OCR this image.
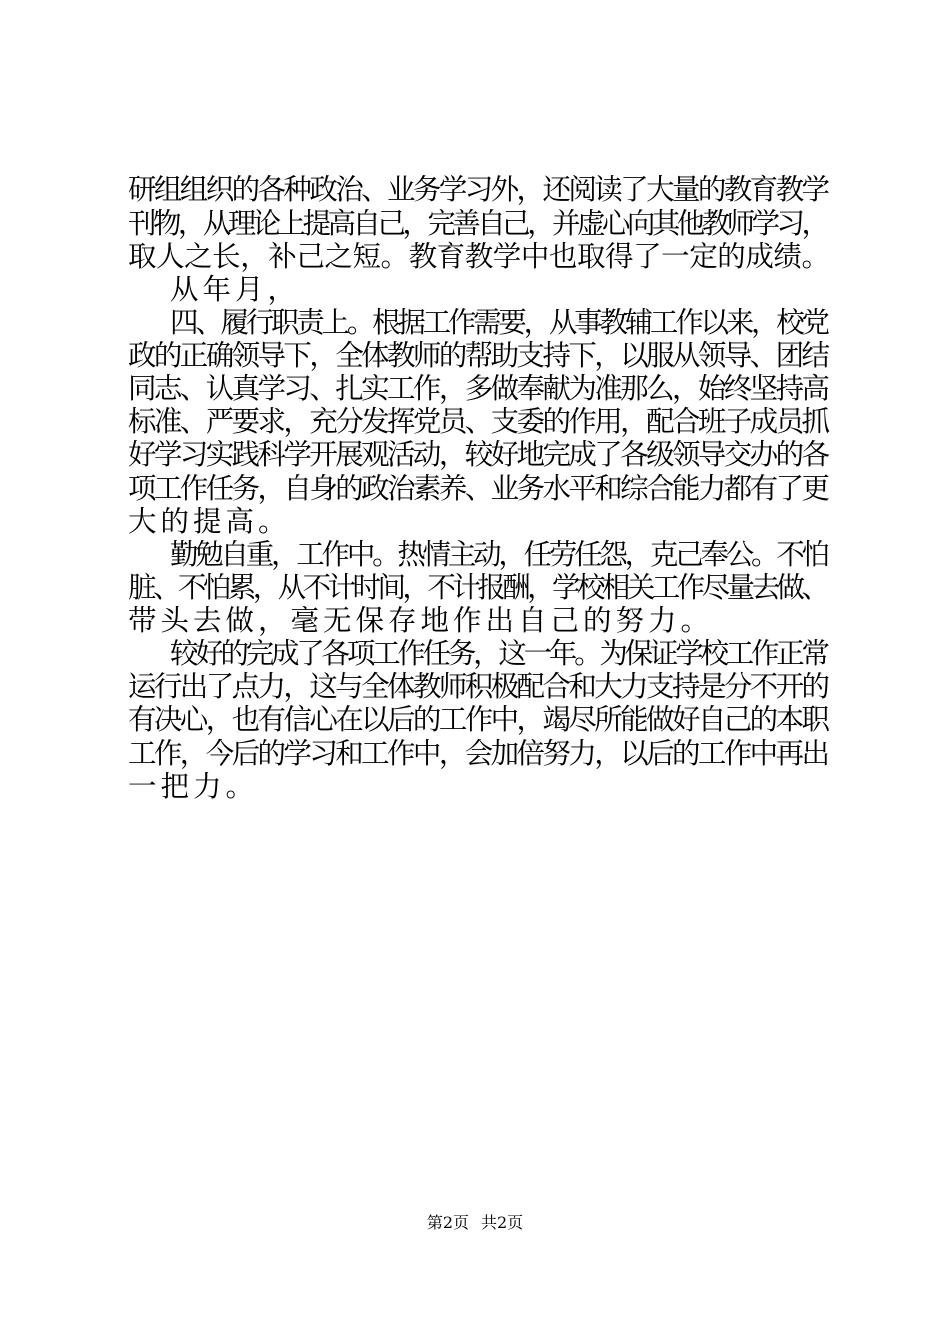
研组组织的各种政治、业务学习外，还阅读了大量的教育教学
刊物，从理论上提高自己，完善自己，并虚心向其他教师学习，
取人之长，补己之短。教育教学中也取得了一定的成绩。
从年月，
四、履行职责上。根据工作需要，从事教辅工作以来，校党
政的正确领导下，全体教师的帮助支持下，以服从领导、团结
同志、认真学习、扎实工作，多做奉献为准那么，始终坚持高
标准、严要求，充分发挥党员、支委的作用，配合班子成员抓
好学习实践科学开展观活动，较好地完成了各级领导交办的各
项工作任务，自身的政治素养、业务水平和综合能力都有了更
大的提高。
勤勉自重，工作中。热情主动，任劳任怨，克己奉公。不怕
脏、不怕累，从不计时间，不计报酬，学校相关工作尽量去做、
带头去做，毫无保存地作出自己的努力。
较好的完成了各项工作任务，这一年。为保证学校工作正常
运行出了点力，这与全体教师积极配合和大力支持是分不开的
有决心，也有信心在以后的工作中，竭尽所能做好自己的本职
工作，今后的学习和工作中，会加倍努力，以后的工作中再出
一把力。
第2页 共2页
